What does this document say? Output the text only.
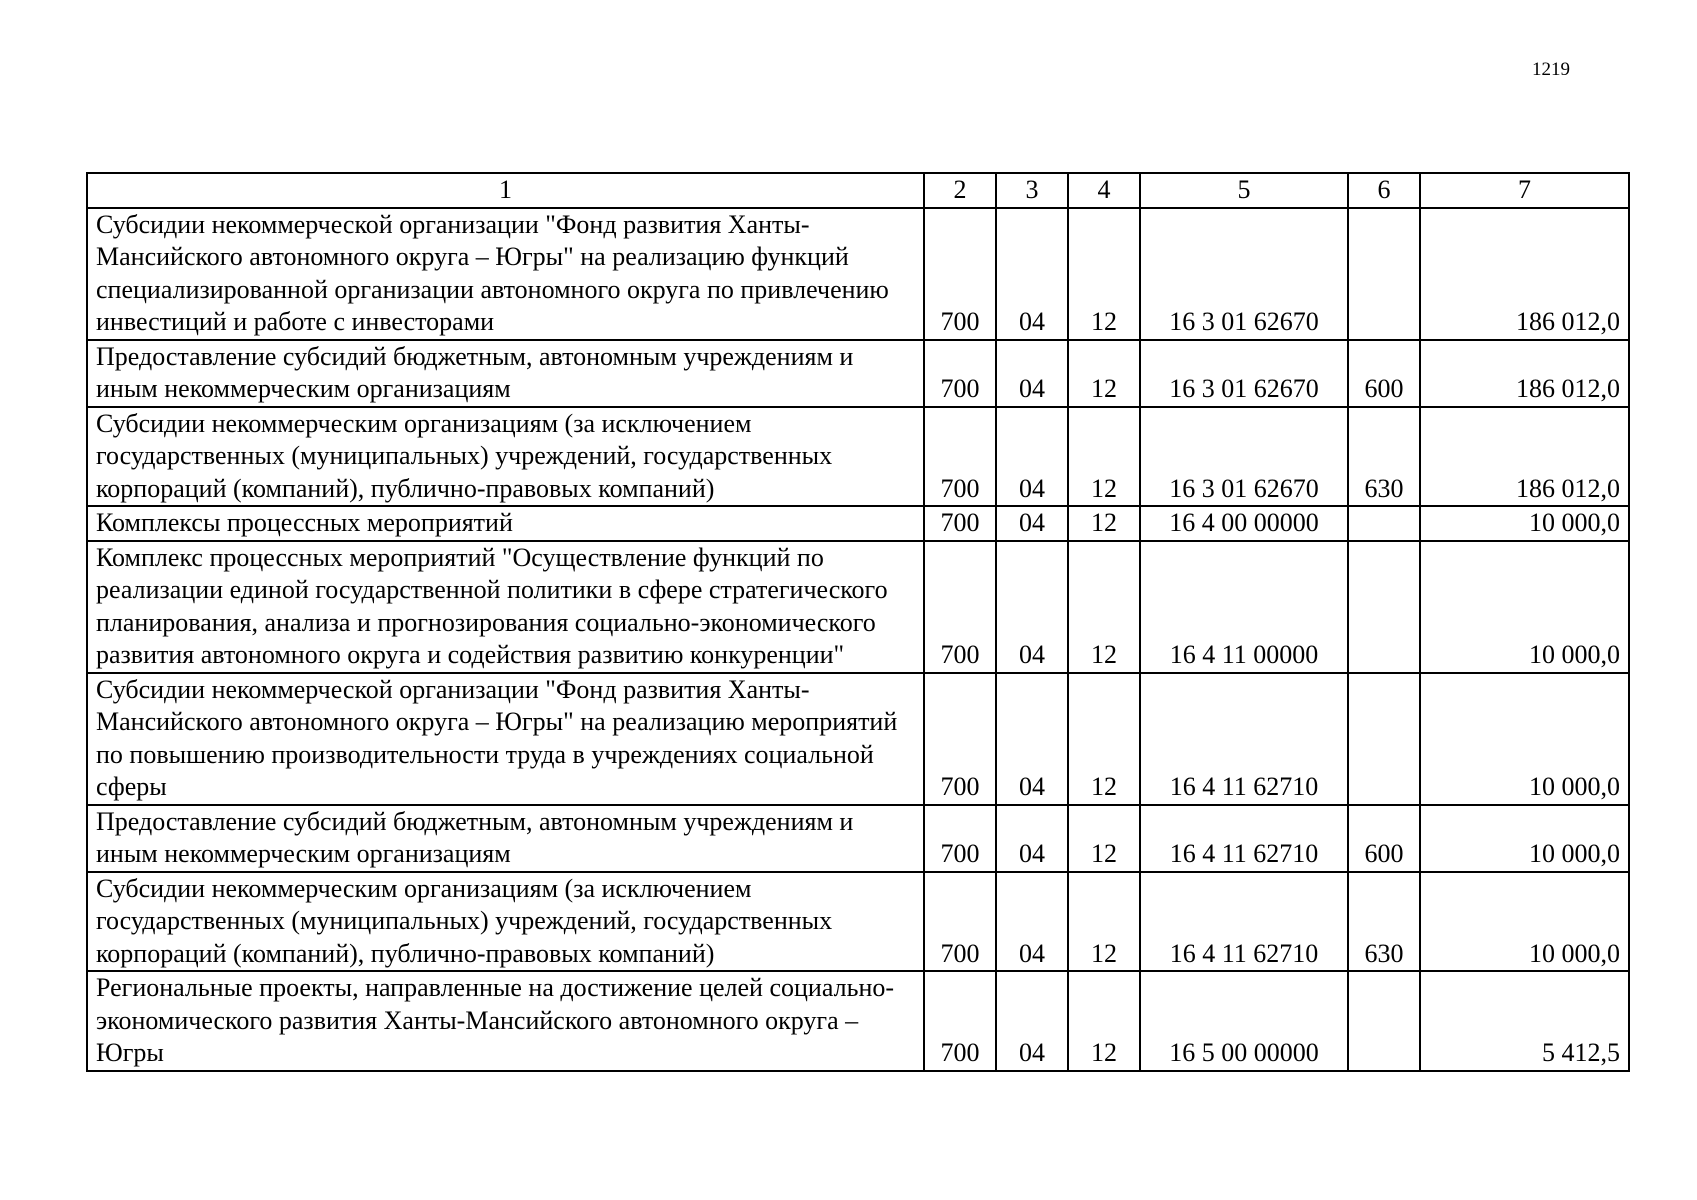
1219
1	2	3	4	5	6	7
Субсидии некоммерческой организации "Фонд развития Ханты-Мансийского автономного округа – Югры" на реализацию функций специализированной организации автономного округа по привлечению инвестиций и работе с инвесторами	700	04	12	16 3 01 62670		186 012,0
Предоставление субсидий бюджетным, автономным учреждениям и иным некоммерческим организациям	700	04	12	16 3 01 62670	600	186 012,0
Субсидии некоммерческим организациям (за исключением государственных (муниципальных) учреждений, государственных корпораций (компаний), публично-правовых компаний)	700	04	12	16 3 01 62670	630	186 012,0
Комплексы процессных мероприятий	700	04	12	16 4 00 00000		10 000,0
Комплекс процессных мероприятий "Осуществление функций по реализации единой государственной политики в сфере стратегического планирования, анализа и прогнозирования социально-экономического развития автономного округа и содействия развитию конкуренции"	700	04	12	16 4 11 00000		10 000,0
Субсидии некоммерческой организации "Фонд развития Ханты-Мансийского автономного округа – Югры" на реализацию мероприятий по повышению производительности труда в учреждениях социальной сферы	700	04	12	16 4 11 62710		10 000,0
Предоставление субсидий бюджетным, автономным учреждениям и иным некоммерческим организациям	700	04	12	16 4 11 62710	600	10 000,0
Субсидии некоммерческим организациям (за исключением государственных (муниципальных) учреждений, государственных корпораций (компаний), публично-правовых компаний)	700	04	12	16 4 11 62710	630	10 000,0
Региональные проекты, направленные на достижение целей социально-экономического развития Ханты-Мансийского автономного округа – Югры	700	04	12	16 5 00 00000		5 412,5
